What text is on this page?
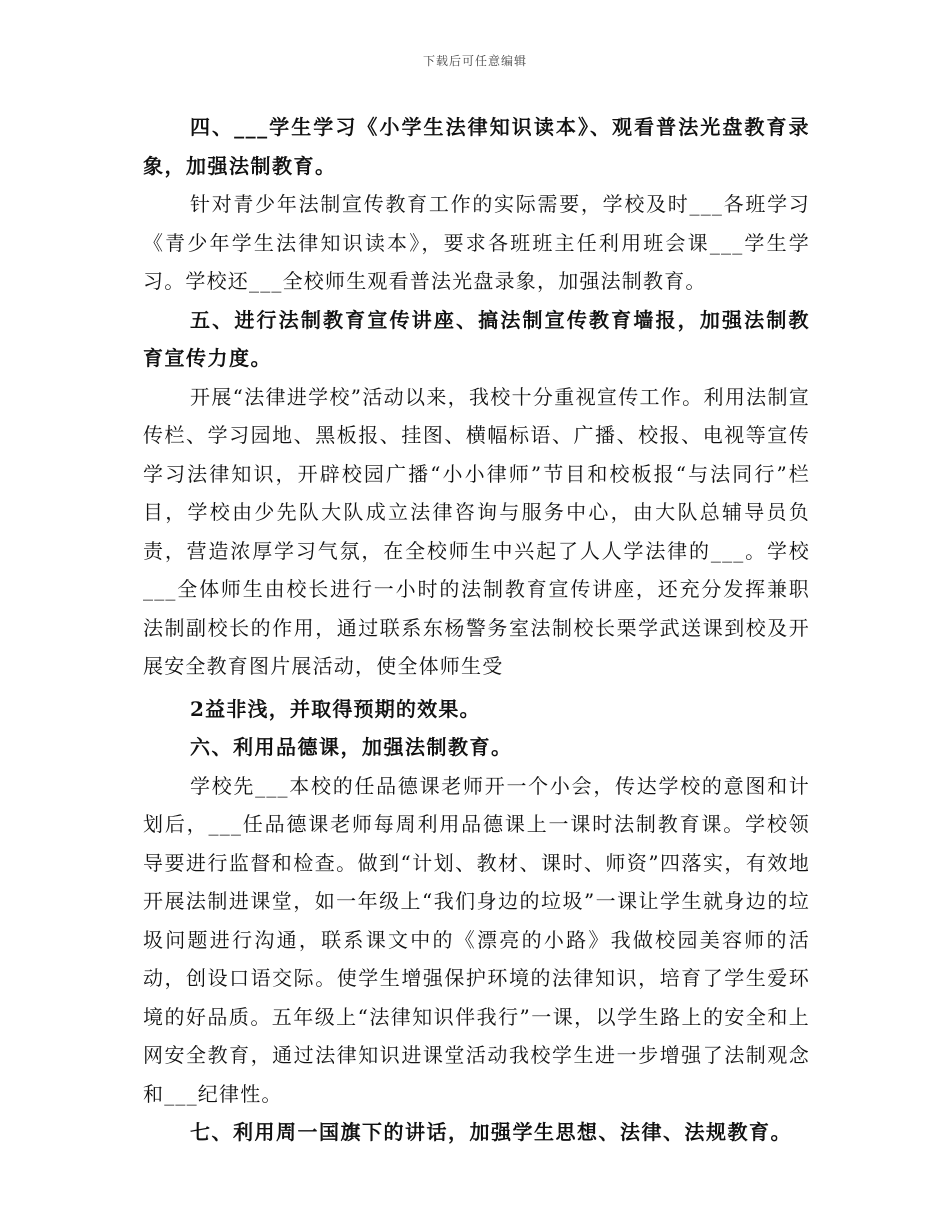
下载后可任意编辑

四、___学生学习《小学生法律知识读本》、观看普法光盘教育录象，加强法制教育。

针对青少年法制宣传教育工作的实际需要，学校及时___各班学习《青少年学生法律知识读本》，要求各班班主任利用班会课___学生学习。学校还___全校师生观看普法光盘录象，加强法制教育。

五、进行法制教育宣传讲座、搞法制宣传教育墙报，加强法制教育宣传力度。

开展“法律进学校”活动以来，我校十分重视宣传工作。利用法制宣传栏、学习园地、黑板报、挂图、横幅标语、广播、校报、电视等宣传学习法律知识，开辟校园广播“小小律师”节目和校板报“与法同行”栏目，学校由少先队大队成立法律咨询与服务中心，由大队总辅导员负责，营造浓厚学习气氛，在全校师生中兴起了人人学法律的___。学校___全体师生由校长进行一小时的法制教育宣传讲座，还充分发挥兼职法制副校长的作用，通过联系东杨警务室法制校长栗学武送课到校及开展安全教育图片展活动，使全体师生受

2益非浅，并取得预期的效果。

六、利用品德课，加强法制教育。

学校先___本校的任品德课老师开一个小会，传达学校的意图和计划后，___任品德课老师每周利用品德课上一课时法制教育课。学校领导要进行监督和检查。做到“计划、教材、课时、师资”四落实，有效地开展法制进课堂，如一年级上“我们身边的垃圾”一课让学生就身边的垃圾问题进行沟通，联系课文中的《漂亮的小路》我做校园美容师的活动，创设口语交际。使学生增强保护环境的法律知识，培育了学生爱环境的好品质。五年级上“法律知识伴我行”一课，以学生路上的安全和上网安全教育，通过法律知识进课堂活动我校学生进一步增强了法制观念和___纪律性。

七、利用周一国旗下的讲话，加强学生思想、法律、法规教育。
